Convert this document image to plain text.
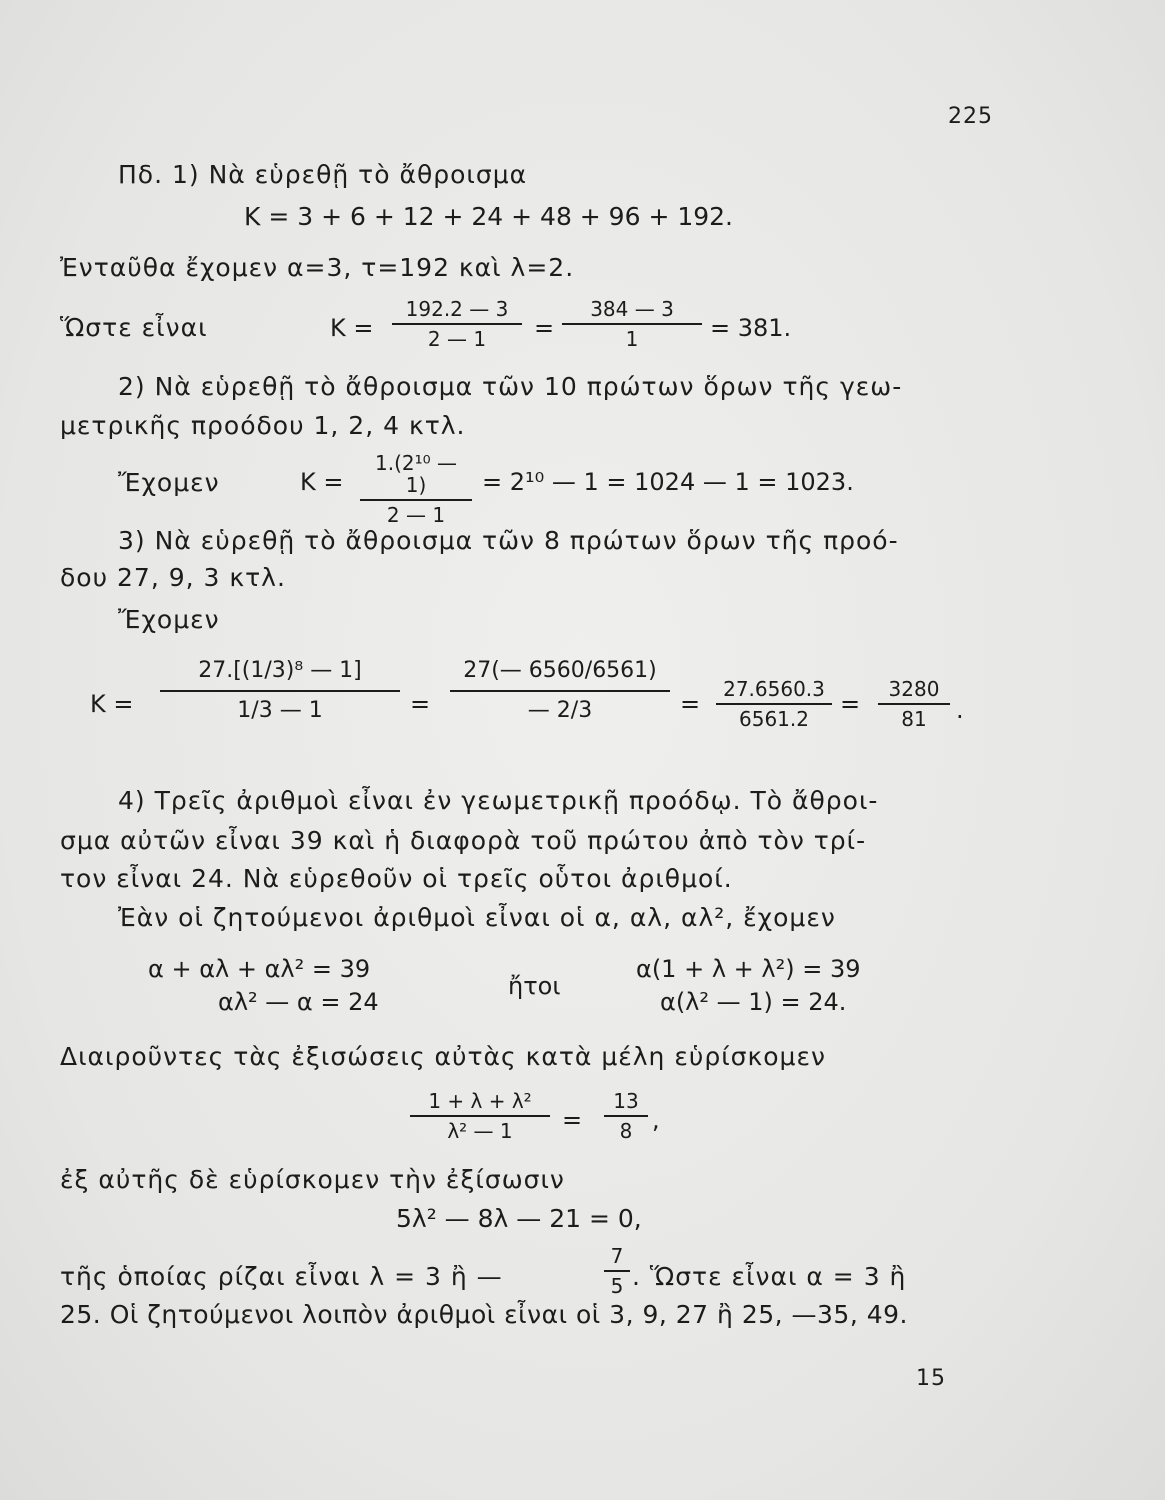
225
Πδ. 1) Νὰ εὑρεθῇ τὸ ἄθροισμα
Κ = 3 + 6 + 12 + 24 + 48 + 96 + 192.
Ἐνταῦθα ἔχομεν α=3, τ=192 καὶ λ=2.
Ὥστε εἶναι	$K = \frac{192.2 — 3}{2 — 1} = \frac{384 — 3}{1} = 381$.
2) Νὰ εὑρεθῇ τὸ ἄθροισμα τῶν 10 πρώτων ὅρων τῆς γεω-
μετρικῆς προόδου 1, 2, 4 κτλ.
Ἔχομεν	$K = \frac{\text{1.(2¹⁰ — 1)}}{2 — 1} = 2^{10}$ — 1 = 1024 — 1 = 1023.
3) Νὰ εὑρεθῇ τὸ ἄθροισμα τῶν 8 πρώτων ὅρων τῆς προό-
δου 27, 9, 3 κτλ.
Ἔχομεν
$K = \frac{\text{27.[(1/3)⁸ — 1]}}{1/3 — 1} = \frac{27(— 6560/6561)}{— 2/3} = \frac{27.6560.3}{6561.2} = \frac{3280}{81}$ .
4) Τρεῖς ἀριθμοὶ εἶναι ἐν γεωμετρικῇ προόδῳ. Τὸ ἄθροι-
σμα αὐτῶν εἶναι 39 καὶ ἡ διαφορὰ τοῦ πρώτου ἀπὸ τὸν τρί-
τον εἶναι 24. Νὰ εὑρεθοῦν οἱ τρεῖς οὗτοι ἀριθμοί.
Ἐὰν οἱ ζητούμενοι ἀριθμοὶ εἶναι οἱ α, αλ, αλ², ἔχομεν
α + αλ + αλ² = 39
αλ² — α = 24
ἤτοι
α(1 + λ + λ²) = 39
α(λ² — 1) = 24.
Διαιροῦντες τὰς ἐξισώσεις αὐτὰς κατὰ μέλη εὑρίσκομεν
$\frac{\text{1 + λ + λ²}}{\text{λ² — 1}} = \frac{13}{8}$ ,
ἐξ αὐτῆς δὲ εὑρίσκομεν τὴν ἐξίσωσιν
5λ² — 8λ — 21 = 0,
τῆς ὁποίας ρίζαι εἶναι λ = 3 ἢ —	$\frac{7}{5}$ . Ὥστε εἶναι α = 3 ἢ
25. Οἱ ζητούμενοι λοιπὸν ἀριθμοὶ εἶναι οἱ 3, 9, 27 ἢ 25, —35, 49.
15
